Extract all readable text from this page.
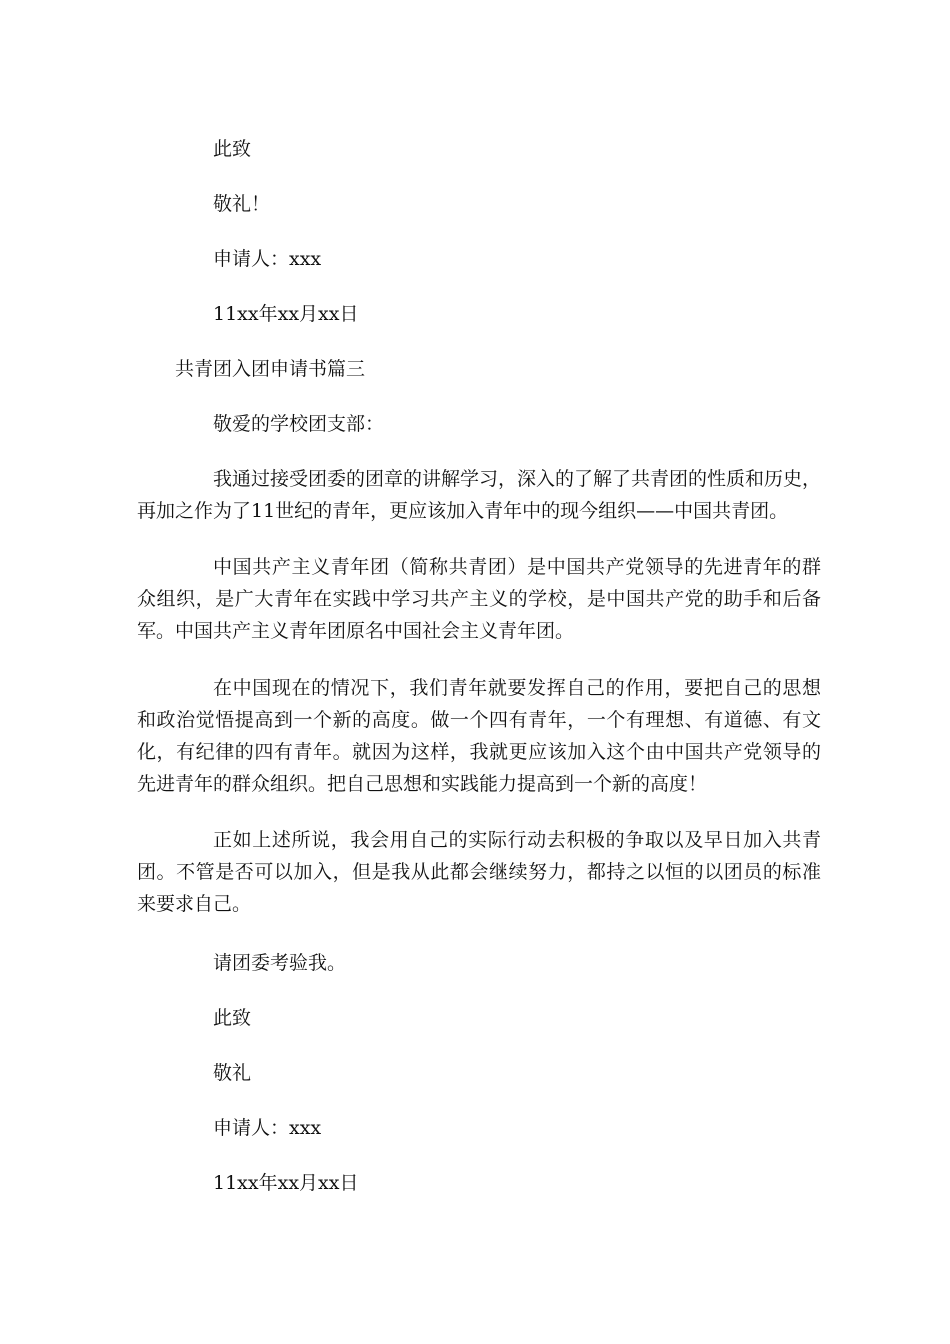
此致

敬礼！

申请人：xxx

11xx年xx月xx日

共青团入团申请书篇三

敬爱的学校团支部：

我通过接受团委的团章的讲解学习，深入的了解了共青团的性质和历史，
再加之作为了11世纪的青年，更应该加入青年中的现今组织——中国共青团。
中国共产主义青年团（简称共青团）是中国共产党领导的先进青年的群
众组织，是广大青年在实践中学习共产主义的学校，是中国共产党的助手和后备
军。中国共产主义青年团原名中国社会主义青年团。
在中国现在的情况下，我们青年就要发挥自己的作用，要把自己的思想
和政治觉悟提高到一个新的高度。做一个四有青年，一个有理想、有道德、有文
化，有纪律的四有青年。就因为这样，我就更应该加入这个由中国共产党领导的
先进青年的群众组织。把自己思想和实践能力提高到一个新的高度！
正如上述所说，我会用自己的实际行动去积极的争取以及早日加入共青
团。不管是否可以加入，但是我从此都会继续努力，都持之以恒的以团员的标准
来要求自己。

请团委考验我。

此致

敬礼

申请人：xxx

11xx年xx月xx日
